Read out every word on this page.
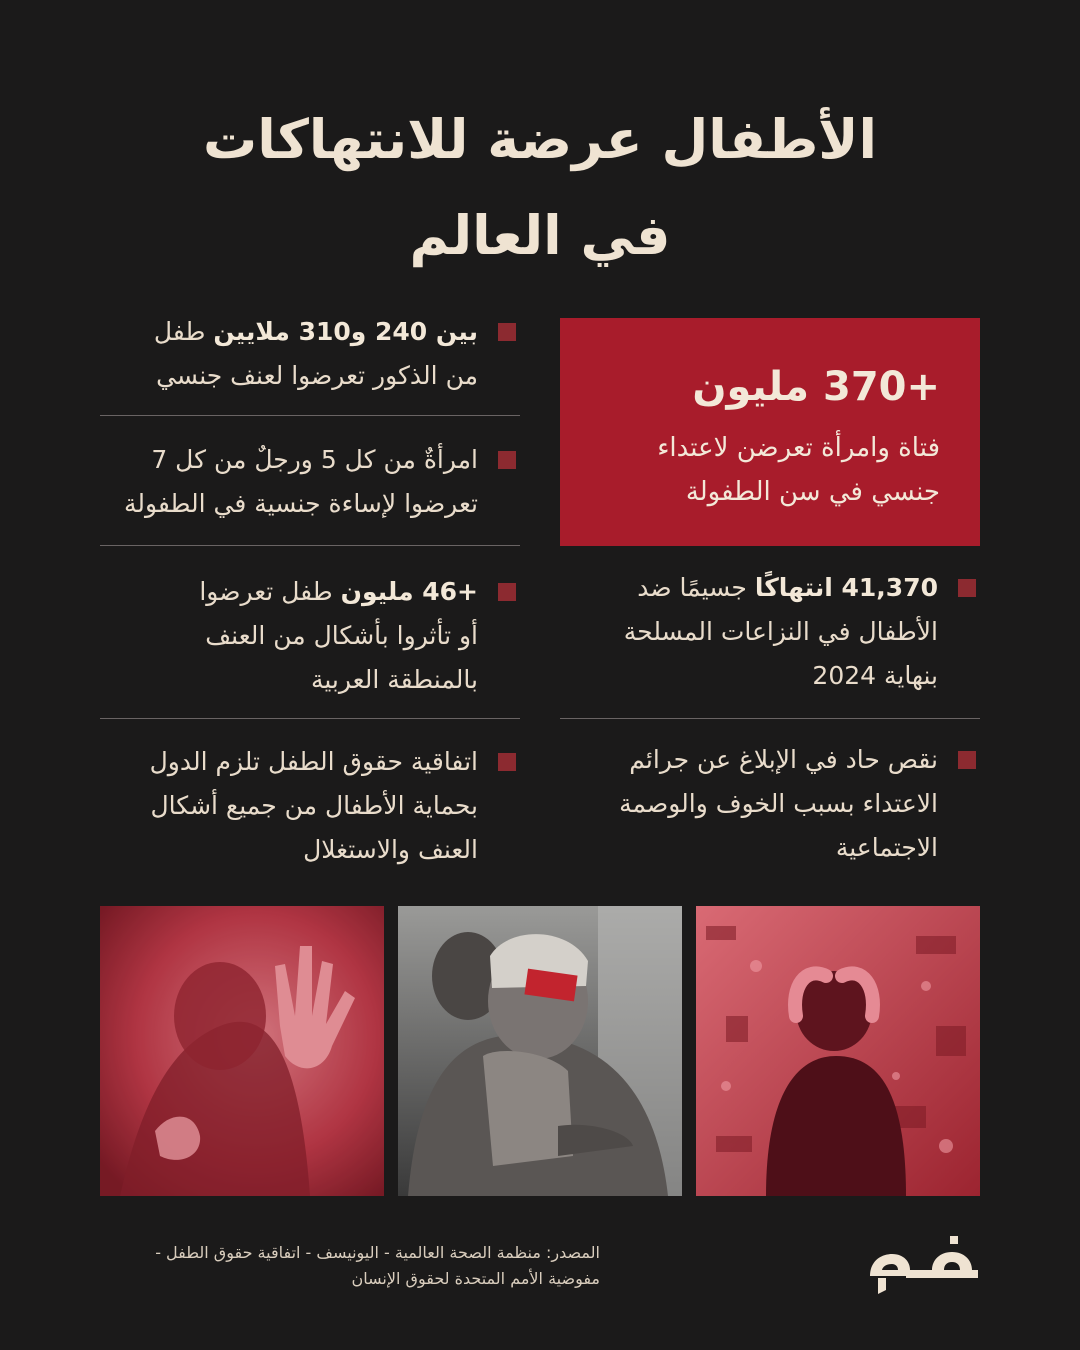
الأطفال عرضة للانتهاكات
في العالم
بين 240 و310 ملايين طفل
من الذكور تعرضوا لعنف جنسي
امرأةٌ من كل 5 ورجلٌ من كل 7
تعرضوا لإساءة جنسية في الطفولة
+46 مليون طفل تعرضوا
أو تأثروا بأشكال من العنف
بالمنطقة العربية
اتفاقية حقوق الطفل تلزم الدول
بحماية الأطفال من جميع أشكال
العنف والاستغلال
+370 مليون
فتاة وامرأة تعرضن لاعتداء
جنسي في سن الطفولة
41,370 انتهاكًا جسيمًا ضد
الأطفال في النزاعات المسلحة
بنهاية 2024
نقص حاد في الإبلاغ عن جرائم
الاعتداء بسبب الخوف والوصمة
الاجتماعية
المصدر: منظمة الصحة العالمية - اليونيسف - اتفاقية حقوق الطفل -
مفوضية الأمم المتحدة لحقوق الإنسان
